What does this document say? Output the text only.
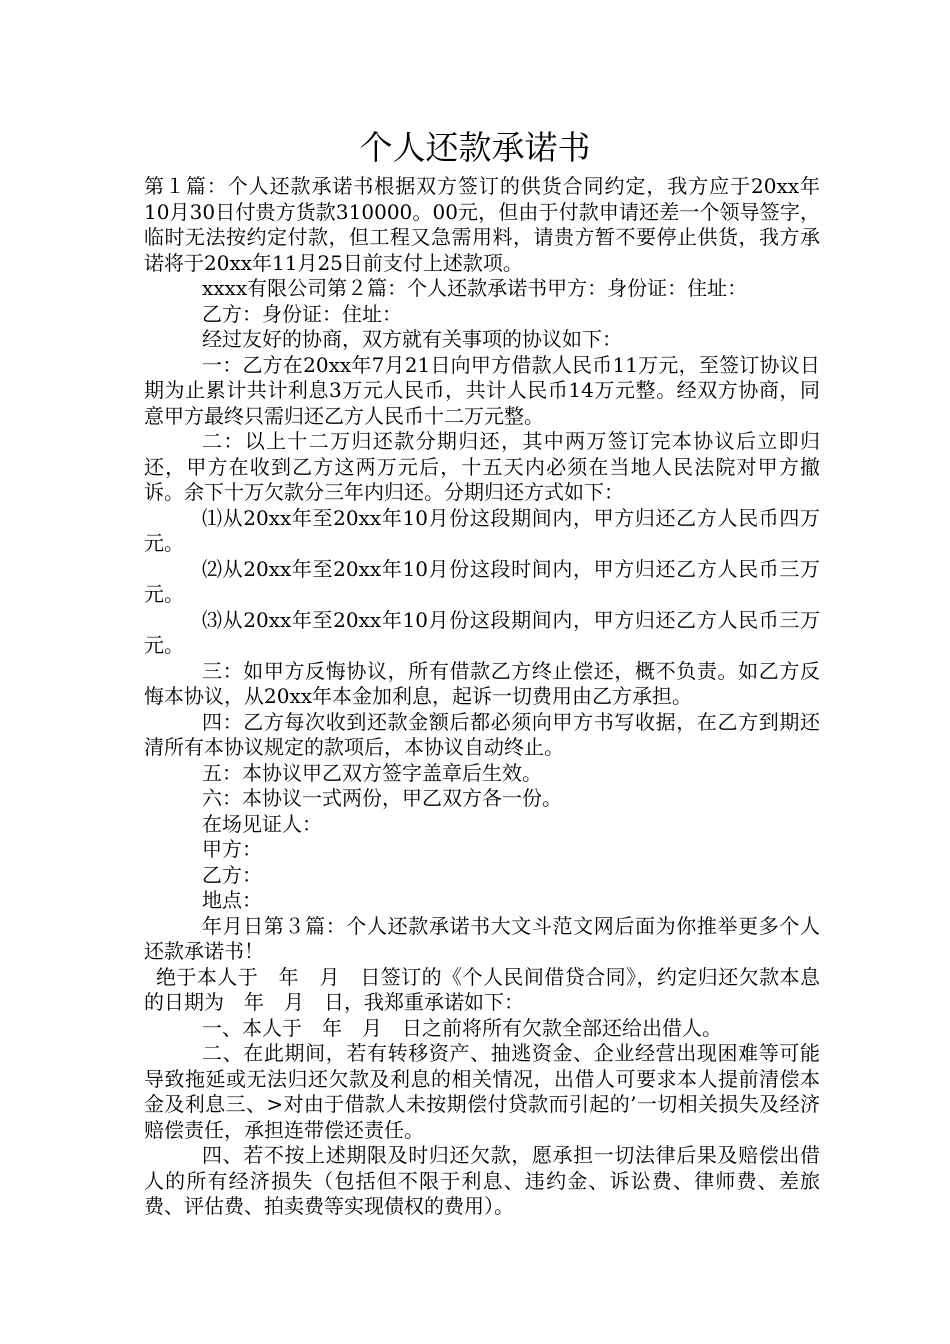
个人还款承诺书

第１篇：个人还款承诺书根据双方签订的供货合同约定，我方应于20xx年　10月30日付贵方货款310000。00元，但由于付款申请还差一个领导签字，临时无法按约定付款，但工程又急需用料，请贵方暂不要停止供货，我方承诺将于20xx年11月25日前支付上述款项。

xxxx有限公司第２篇：个人还款承诺书甲方：身份证：住址：

乙方：身份证：住址：

经过友好的协商，双方就有关事项的协议如下：

一：乙方在20xx年7月21日向甲方借款人民币11万元，至签订协议日期为止累计共计利息3万元人民币，共计人民币14万元整。经双方协商，同意甲方最终只需归还乙方人民币十二万元整。

二：以上十二万归还款分期归还，其中两万签订完本协议后立即归还，甲方在收到乙方这两万元后，十五天内必须在当地人民法院对甲方撤诉。余下十万欠款分三年内归还。分期归还方式如下：

⑴从20xx年至20xx年10月份这段期间内，甲方归还乙方人民币四万元。

⑵从20xx年至20xx年10月份这段时间内，甲方归还乙方人民币三万元。

⑶从20xx年至20xx年10月份这段期间内，甲方归还乙方人民币三万元。

三：如甲方反悔协议，所有借款乙方终止偿还，概不负责。如乙方反悔本协议，从20xx年本金加利息，起诉一切费用由乙方承担。

四：乙方每次收到还款金额后都必须向甲方书写收据，在乙方到期还清所有本协议规定的款项后，本协议自动终止。

五：本协议甲乙双方签字盖章后生效。

六：本协议一式两份，甲乙双方各一份。

在场见证人：

甲方：

乙方：

地点：

年月日第３篇：个人还款承诺书大文斗范文网后面为你推举更多个人还款承诺书！

绝于本人于　年　月　日签订的《个人民间借贷合同》，约定归还欠款本息的日期为　年　月　日，我郑重承诺如下：

一、本人于　年　月　日之前将所有欠款全部还给出借人。

二、在此期间，若有转移资产、抽逃资金、企业经营出现困难等可能导致拖延或无法归还欠款及利息的相关情况，出借人可要求本人提前清偿本金及利息三、>对由于借款人未按期偿付贷款而引起的’一切相关损失及经济赔偿责任，承担连带偿还责任。

四、若不按上述期限及时归还欠款，愿承担一切法律后果及赔偿出借人的所有经济损失（包括但不限于利息、违约金、诉讼费、律师费、差旅费、评估费、拍卖费等实现债权的费用）。
